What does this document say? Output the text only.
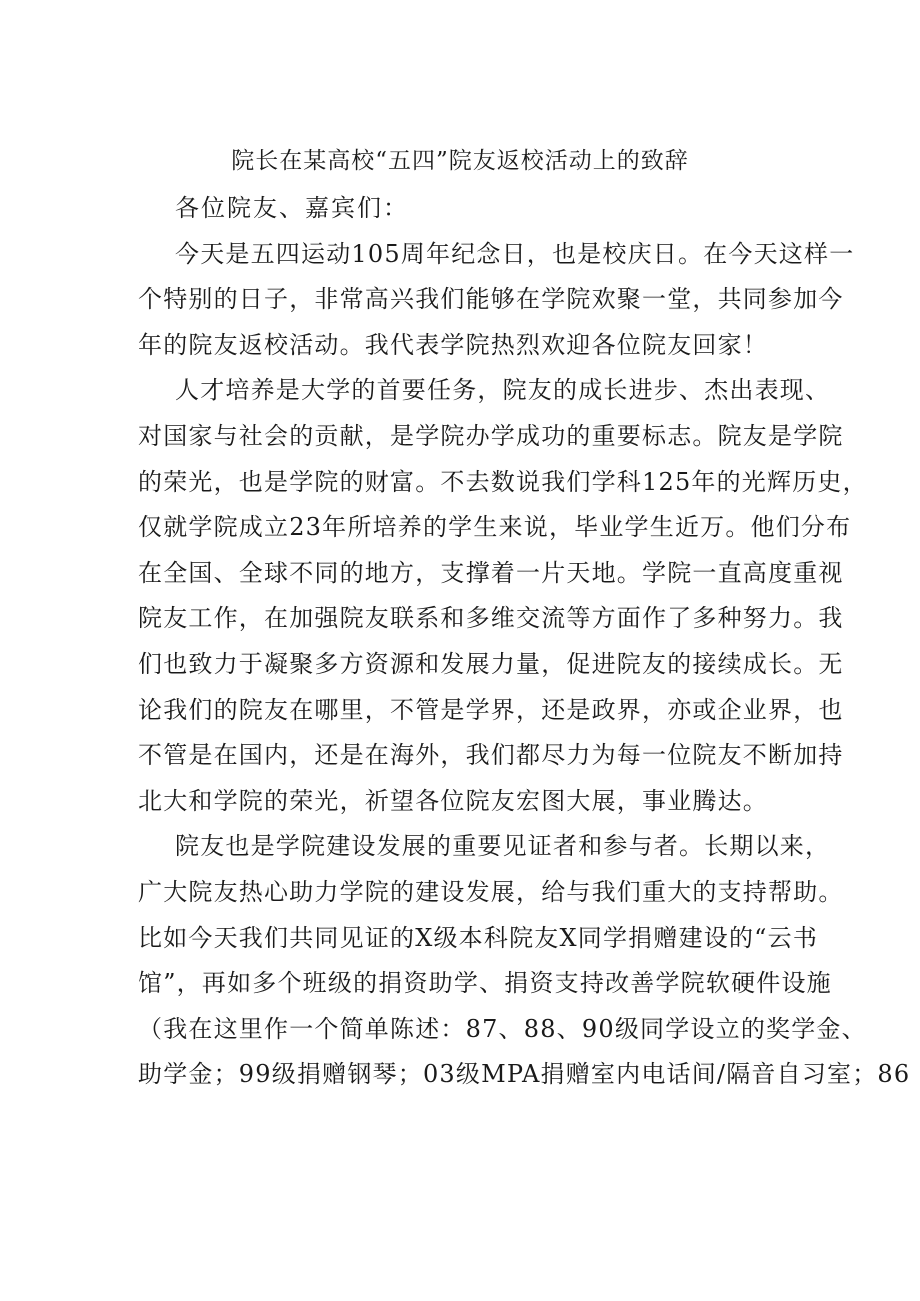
院长在某高校“五四”院友返校活动上的致辞
各位院友、嘉宾们：
今天是五四运动105周年纪念日，也是校庆日。在今天这样一
个特别的日子，非常高兴我们能够在学院欢聚一堂，共同参加今
年的院友返校活动。我代表学院热烈欢迎各位院友回家！
人才培养是大学的首要任务，院友的成长进步、杰出表现、
对国家与社会的贡献，是学院办学成功的重要标志。院友是学院
的荣光，也是学院的财富。不去数说我们学科125年的光辉历史，
仅就学院成立23年所培养的学生来说，毕业学生近万。他们分布
在全国、全球不同的地方，支撑着一片天地。学院一直高度重视
院友工作，在加强院友联系和多维交流等方面作了多种努力。我
们也致力于凝聚多方资源和发展力量，促进院友的接续成长。无
论我们的院友在哪里，不管是学界，还是政界，亦或企业界，也
不管是在国内，还是在海外，我们都尽力为每一位院友不断加持
北大和学院的荣光，祈望各位院友宏图大展，事业腾达。
院友也是学院建设发展的重要见证者和参与者。长期以来，
广大院友热心助力学院的建设发展，给与我们重大的支持帮助。
比如今天我们共同见证的X级本科院友X同学捐赠建设的“云书
馆”，再如多个班级的捐资助学、捐资支持改善学院软硬件设施
（我在这里作一个简单陈述：87、88、90级同学设立的奖学金、
助学金；99级捐赠钢琴；03级MPA捐赠室内电话间/隔音自习室；86
